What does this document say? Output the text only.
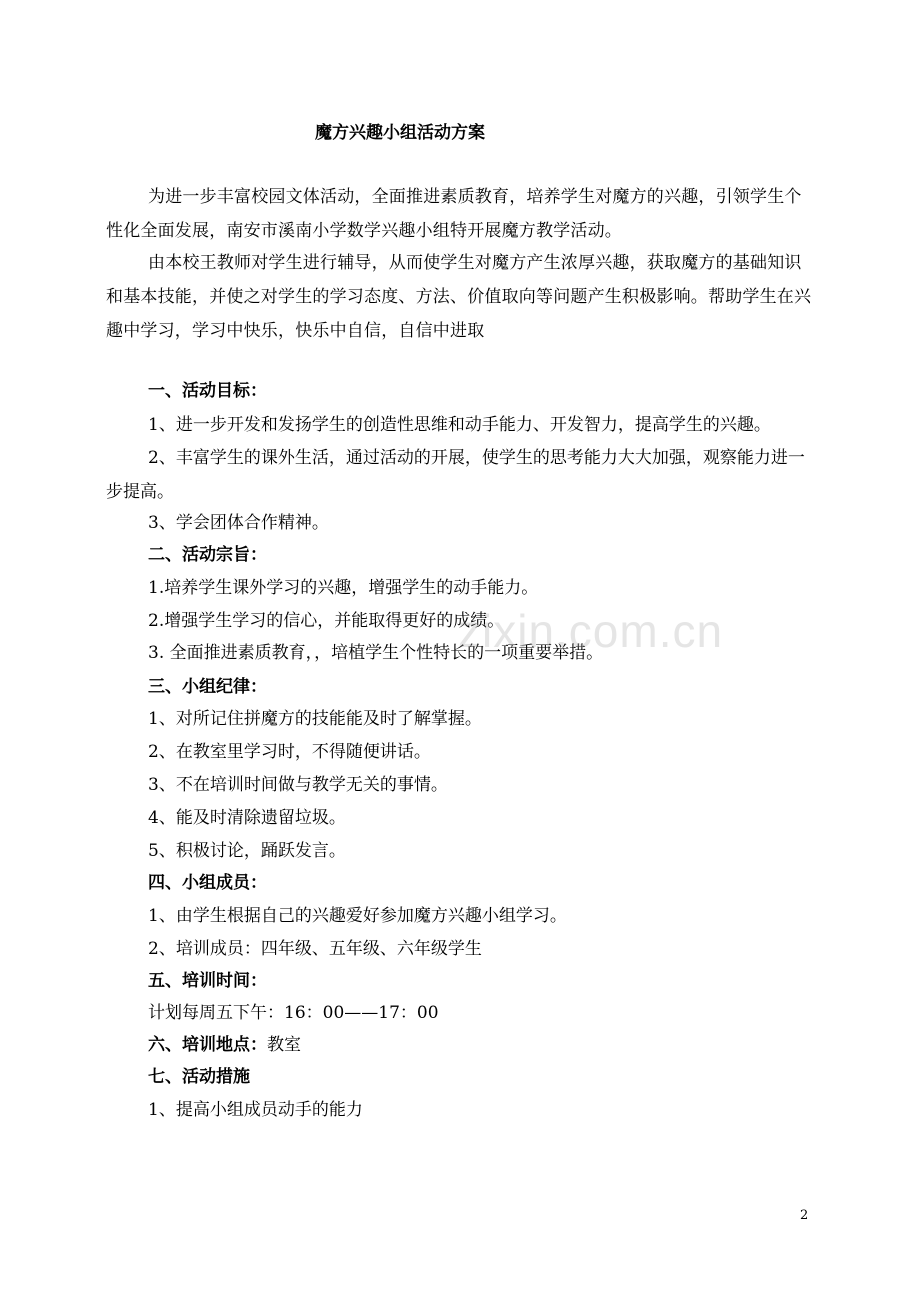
魔方兴趣小组活动方案
为进一步丰富校园文体活动，全面推进素质教育，培养学生对魔方的兴趣，引领学生个性化全面发展，南安市溪南小学数学兴趣小组特开展魔方教学活动。
由本校王教师对学生进行辅导，从而使学生对魔方产生浓厚兴趣，获取魔方的基础知识和基本技能，并使之对学生的学习态度、方法、价值取向等问题产生积极影响。帮助学生在兴趣中学习，学习中快乐，快乐中自信，自信中进取
一、活动目标：
1、进一步开发和发扬学生的创造性思维和动手能力、开发智力，提高学生的兴趣。
2、丰富学生的课外生活，通过活动的开展，使学生的思考能力大大加强，观察能力进一步提高。
3、学会团体合作精神。
二、活动宗旨：
1.培养学生课外学习的兴趣，增强学生的动手能力。
2.增强学生学习的信心，并能取得更好的成绩。
3. 全面推进素质教育，，培植学生个性特长的一项重要举措。
三、小组纪律：
1、对所记住拼魔方的技能能及时了解掌握。
2、在教室里学习时，不得随便讲话。
3、不在培训时间做与教学无关的事情。
4、能及时清除遗留垃圾。
5、积极讨论，踊跃发言。
四、小组成员：
1、由学生根据自己的兴趣爱好参加魔方兴趣小组学习。
2、培训成员：四年级、五年级、六年级学生
五、培训时间：
计划每周五下午：16：00——17：00
六、培训地点：教室
七、活动措施
1、提高小组成员动手的能力
zixin.com.cn
2
